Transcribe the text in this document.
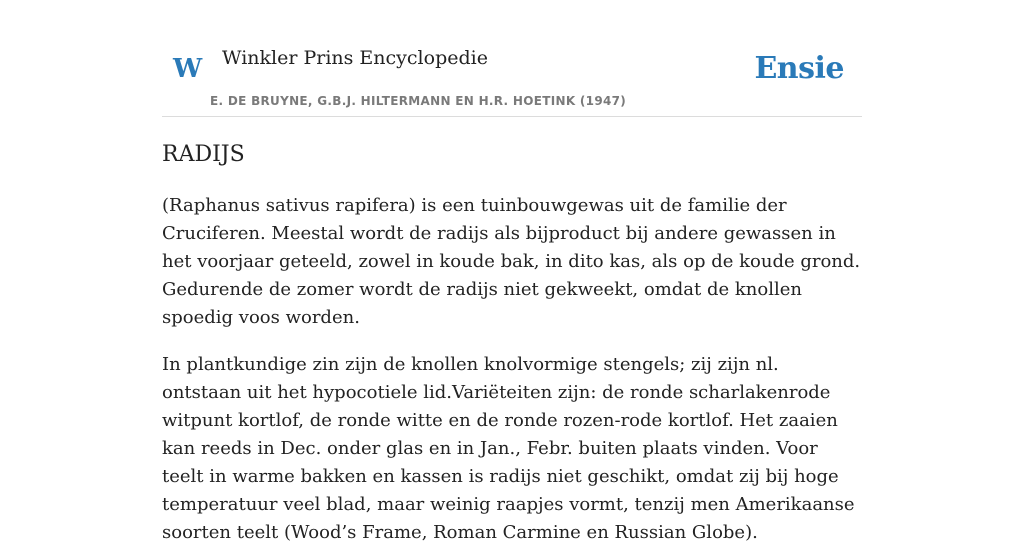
W Winkler Prins Encyclopedie
E. DE BRUYNE, G.B.J. HILTERMANN EN H.R. HOETINK (1947)
Ensie
RADIJS

(Raphanus sativus rapifera) is een tuinbouwgewas uit de familie der Cruciferen. Meestal wordt de radijs als bijproduct bij andere gewassen in het voorjaar geteeld, zowel in koude bak, in dito kas, als op de koude grond. Gedurende de zomer wordt de radijs niet gekweekt, omdat de knollen spoedig voos worden.

In plantkundige zin zijn de knollen knolvormige stengels; zij zijn nl. ontstaan uit het hypocotiele lid.Variëteiten zijn: de ronde scharlakenrode witpunt kortlof, de ronde witte en de ronde rozen-rode kortlof. Het zaaien kan reeds in Dec. onder glas en in Jan., Febr. buiten plaats vinden. Voor teelt in warme bakken en kassen is radijs niet geschikt, omdat zij bij hoge temperatuur veel blad, maar weinig raapjes vormt, tenzij men Amerikaanse soorten teelt (Wood’s Frame, Roman Carmine en Russian Globe).
